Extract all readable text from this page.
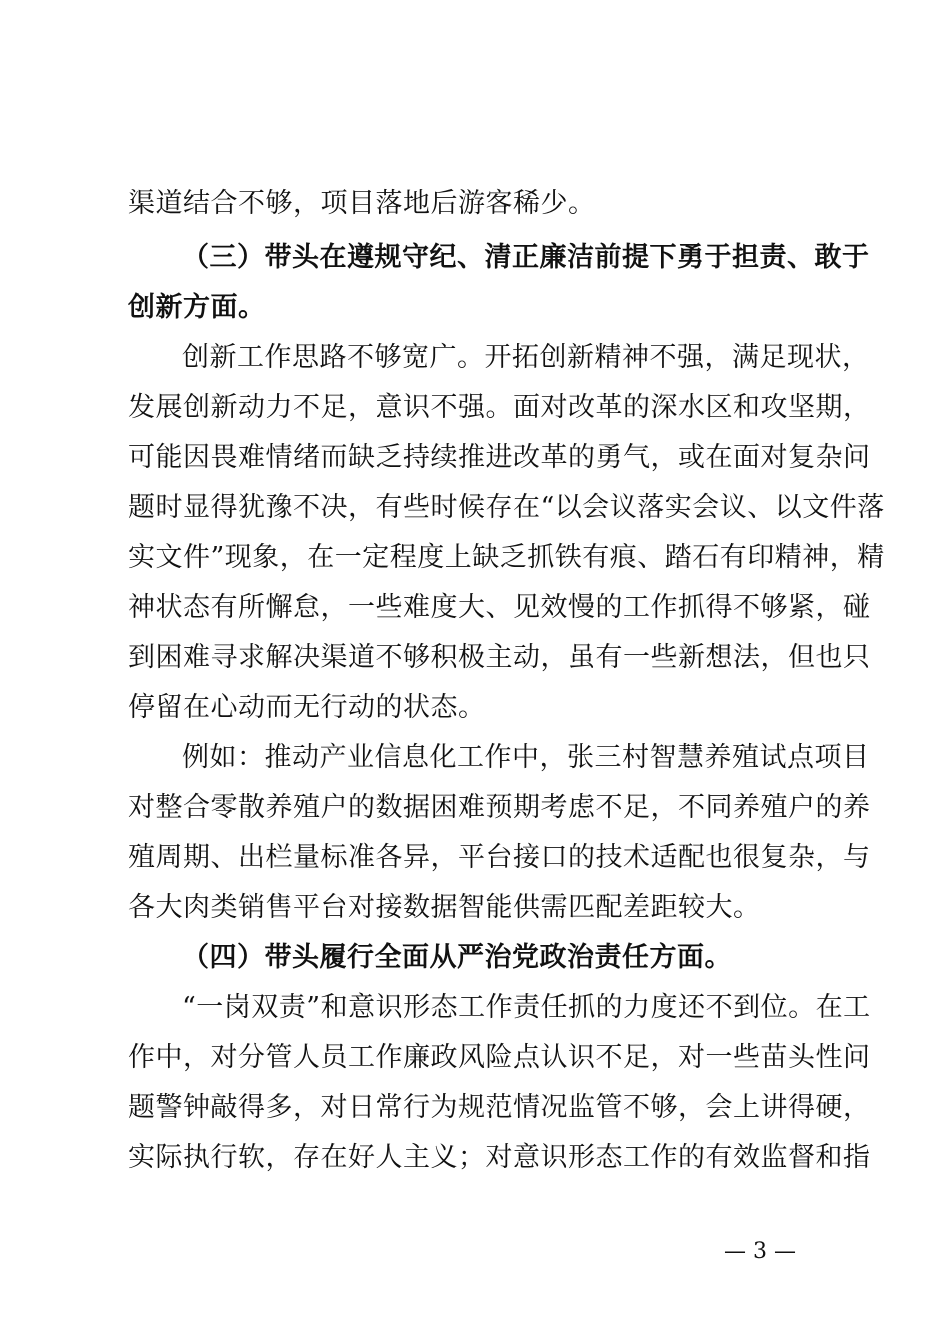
渠道结合不够，项目落地后游客稀少。
（三）带头在遵规守纪、清正廉洁前提下勇于担责、敢于
创新方面。
创新工作思路不够宽广。开拓创新精神不强，满足现状，
发展创新动力不足，意识不强。面对改革的深水区和攻坚期，
可能因畏难情绪而缺乏持续推进改革的勇气，或在面对复杂问
题时显得犹豫不决，有些时候存在“以会议落实会议、以文件落
实文件”现象，在一定程度上缺乏抓铁有痕、踏石有印精神，精
神状态有所懈怠，一些难度大、见效慢的工作抓得不够紧，碰
到困难寻求解决渠道不够积极主动，虽有一些新想法，但也只
停留在心动而无行动的状态。
例如：推动产业信息化工作中，张三村智慧养殖试点项目
对整合零散养殖户的数据困难预期考虑不足，不同养殖户的养
殖周期、出栏量标准各异，平台接口的技术适配也很复杂，与
各大肉类销售平台对接数据智能供需匹配差距较大。
（四）带头履行全面从严治党政治责任方面。
“一岗双责”和意识形态工作责任抓的力度还不到位。在工
作中，对分管人员工作廉政风险点认识不足，对一些苗头性问
题警钟敲得多，对日常行为规范情况监管不够，会上讲得硬，
实际执行软，存在好人主义；对意识形态工作的有效监督和指
— 3 —
